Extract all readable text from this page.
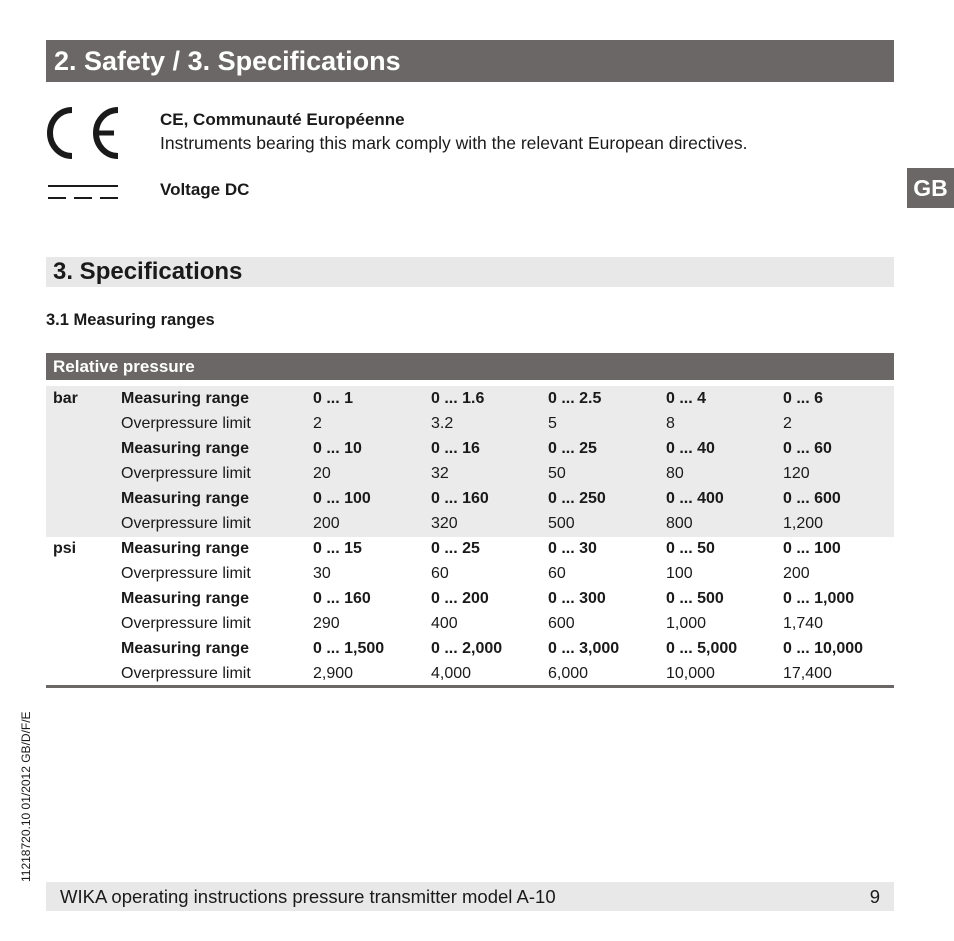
2. Safety / 3. Specifications
CE, Communauté Européenne
Instruments bearing this mark comply with the relevant European directives.
Voltage DC	GB
3. Specifications
3.1 Measuring ranges
Relative pressure
bar	Measuring range	0 ... 1	0 ... 1.6	0 ... 2.5	0 ... 4	0 ... 6
Overpressure limit	2	3.2	5	8	2
Measuring range	0 ... 10	0 ... 16	0 ... 25	0 ... 40	0 ... 60
Overpressure limit	20	32	50	80	120
Measuring range	0 ... 100	0 ... 160	0 ... 250	0 ... 400	0 ... 600
Overpressure limit	200	320	500	800	1,200
psi	Measuring range	0 ... 15	0 ... 25	0 ... 30	0 ... 50	0 ... 100
Overpressure limit	30	60	60	100	200
Measuring range	0 ... 160	0 ... 200	0 ... 300	0 ... 500	0 ... 1,000
Overpressure limit	290	400	600	1,000	1,740
Measuring range	0 ... 1,500	0 ... 2,000	0 ... 3,000	0 ... 5,000	0 ... 10,000
Overpressure limit	2,900	4,000	6,000	10,000	17,400
11218720.10 01/2012 GB/D/F/E
WIKA operating instructions pressure transmitter model A-10	9
